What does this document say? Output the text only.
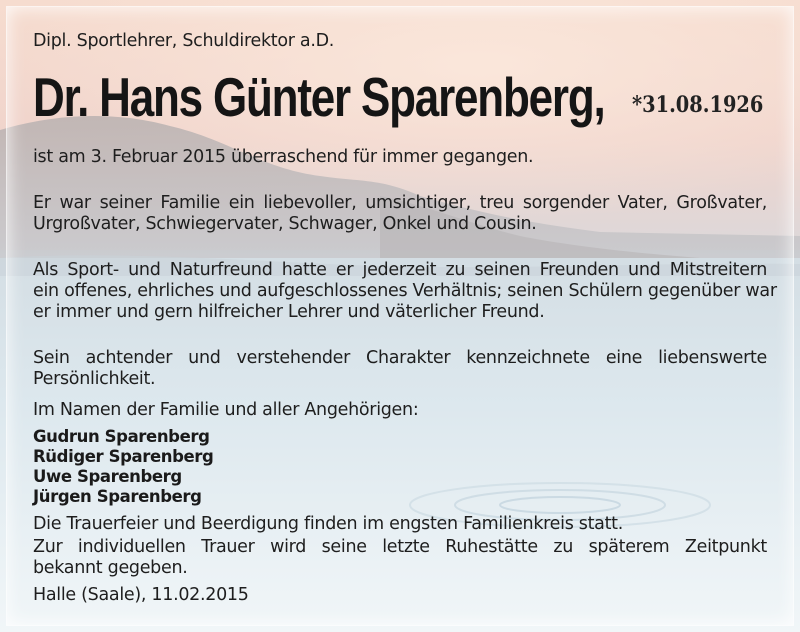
Dipl. Sportlehrer, Schuldirektor a.D.
Dr. Hans Günter Sparenberg, *31.08.1926
ist am 3. Februar 2015 überraschend für immer gegangen.
Er war seiner Familie ein liebevoller, umsichtiger, treu sorgender Vater, Großvater,
Urgroßvater, Schwiegervater, Schwager, Onkel und Cousin.
Als Sport- und Naturfreund hatte er jederzeit zu seinen Freunden und Mitstreitern
ein offenes, ehrliches und aufgeschlossenes Verhältnis; seinen Schülern gegenüber war
er immer und gern hilfreicher Lehrer und väterlicher Freund.
Sein achtender und verstehender Charakter kennzeichnete eine liebenswerte
Persönlichkeit.
Im Namen der Familie und aller Angehörigen:
Gudrun Sparenberg
Rüdiger Sparenberg
Uwe Sparenberg
Jürgen Sparenberg
Die Trauerfeier und Beerdigung finden im engsten Familienkreis statt.
Zur individuellen Trauer wird seine letzte Ruhestätte zu späterem Zeitpunkt
bekannt gegeben.
Halle (Saale), 11.02.2015
